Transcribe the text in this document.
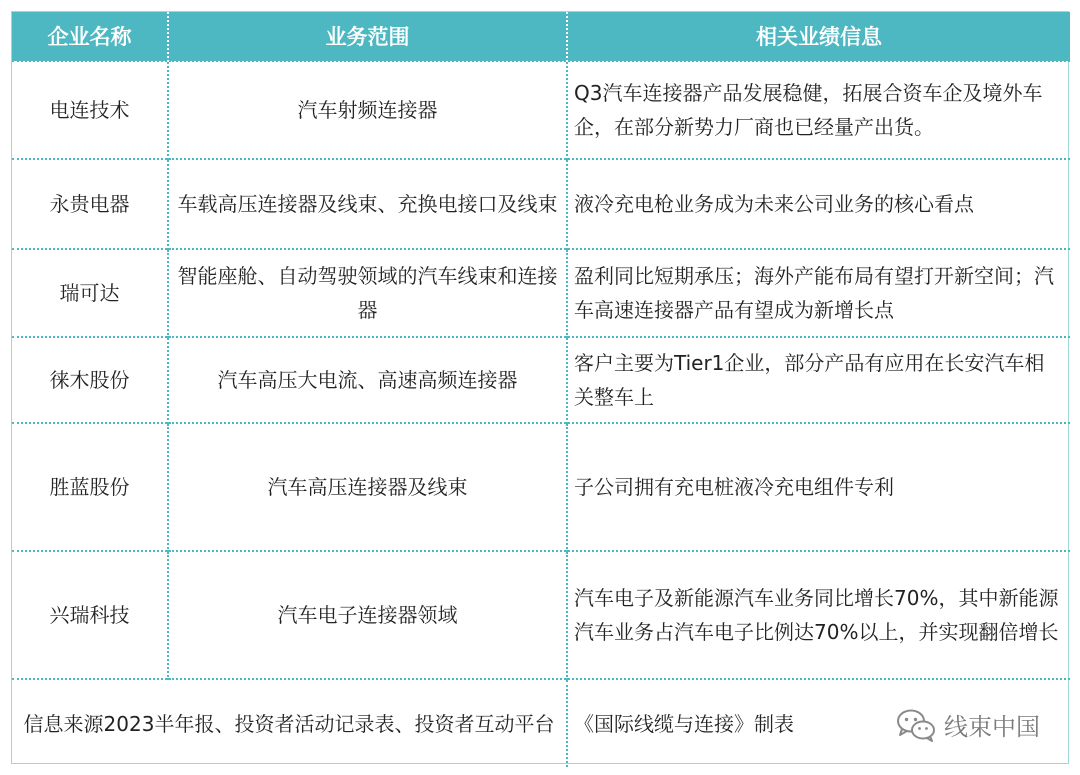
企业名称	业务范围	相关业绩信息
电连技术	汽车射频连接器	Q3汽车连接器产品发展稳健，拓展合资车企及境外车企，在部分新势力厂商也已经量产出货。
永贵电器	车载高压连接器及线束、充换电接口及线束	液冷充电枪业务成为未来公司业务的核心看点
瑞可达	智能座舱、自动驾驶领域的汽车线束和连接器	盈利同比短期承压；海外产能布局有望打开新空间；汽车高速连接器产品有望成为新增长点
徕木股份	汽车高压大电流、高速高频连接器	客户主要为Tier1企业，部分产品有应用在长安汽车相关整车上
胜蓝股份	汽车高压连接器及线束	子公司拥有充电桩液冷充电组件专利
兴瑞科技	汽车电子连接器领域	汽车电子及新能源汽车业务同比增长70%，其中新能源汽车业务占汽车电子比例达70%以上，并实现翻倍增长
信息来源2023半年报、投资者活动记录表、投资者互动平台		《国际线缆与连接》制表	线束中国
